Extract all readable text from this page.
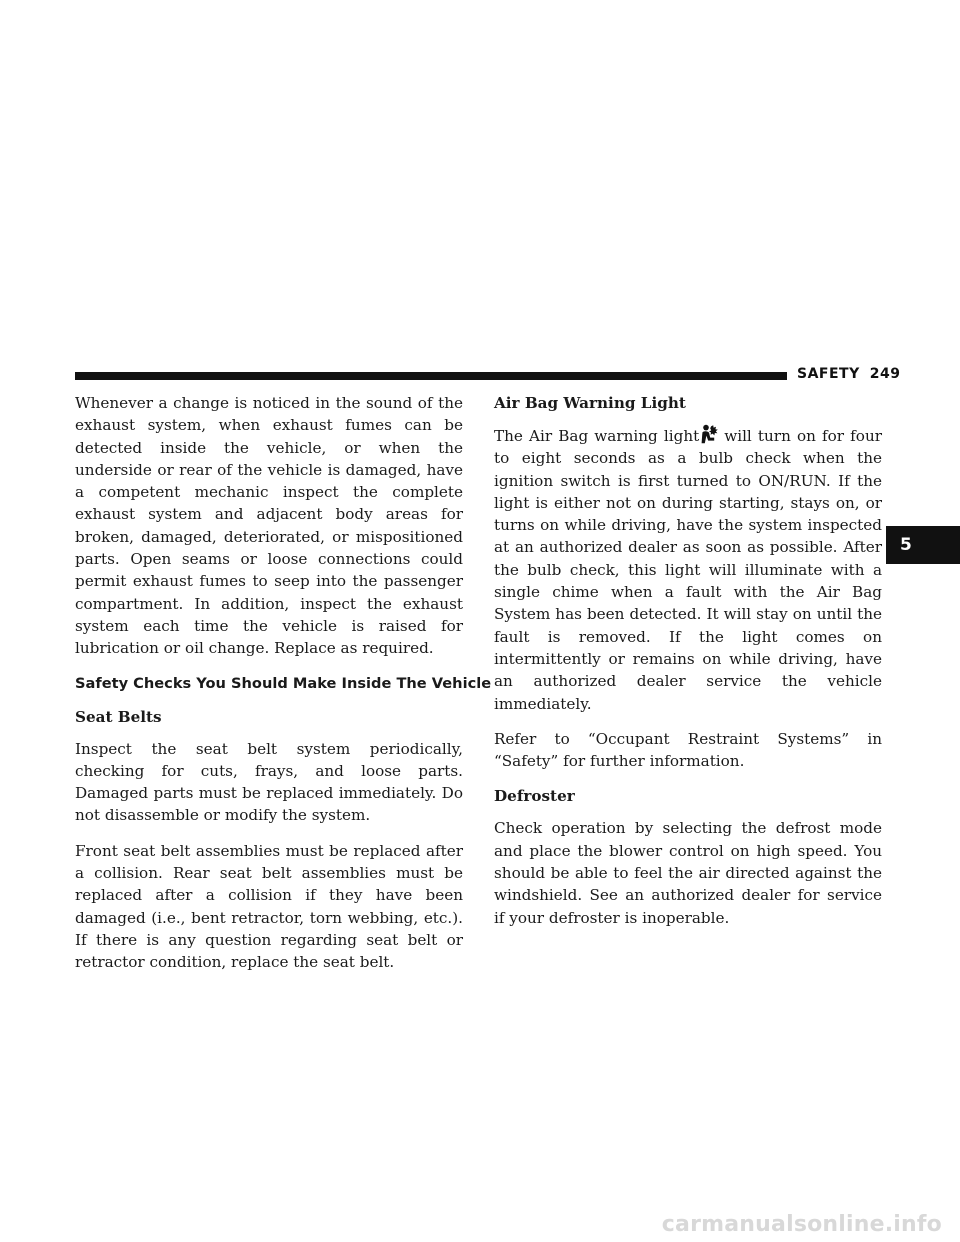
SAFETY 249
5

Whenever a change is noticed in the sound of the exhaust system, when exhaust fumes can be detected inside the vehicle, or when the underside or rear of the vehicle is damaged, have a competent mechanic inspect the complete exhaust system and adjacent body areas for broken, damaged, deteriorated, or mispositioned parts. Open seams or loose connections could permit exhaust fumes to seep into the passenger compartment. In addition, inspect the exhaust system each time the vehicle is raised for lubrication or oil change. Replace as required.

Safety Checks You Should Make Inside The Vehicle
Seat Belts

Inspect the seat belt system periodically, checking for cuts, frays, and loose parts. Damaged parts must be replaced immediately. Do not disassemble or modify the system.

Front seat belt assemblies must be replaced after a collision. Rear seat belt assemblies must be replaced after a collision if they have been damaged (i.e., bent retractor, torn webbing, etc.). If there is any question regarding seat belt or retractor condition, replace the seat belt.

Air Bag Warning Light

The Air Bag warning light will turn on for four to eight seconds as a bulb check when the ignition switch is first turned to ON/RUN. If the light is either not on during starting, stays on, or turns on while driving, have the system inspected at an authorized dealer as soon as possible. After the bulb check, this light will illuminate with a single chime when a fault with the Air Bag System has been detected. It will stay on until the fault is removed. If the light comes on intermittently or remains on while driving, have an authorized dealer service the vehicle immediately.

Refer to “Occupant Restraint Systems” in “Safety” for further information.

Defroster

Check operation by selecting the defrost mode and place the blower control on high speed. You should be able to feel the air directed against the windshield. See an authorized dealer for service if your defroster is inoperable.

carmanualsonline.info
